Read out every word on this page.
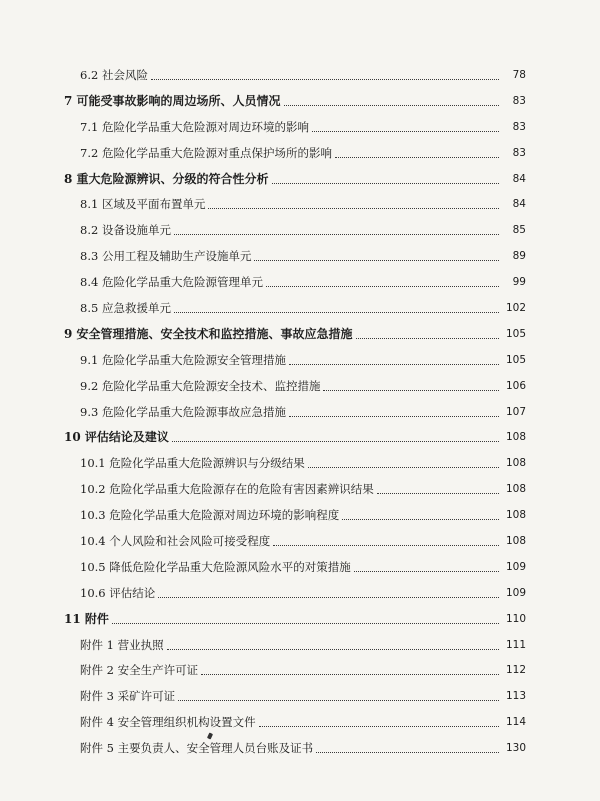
6.2 社会风险	78
7 可能受事故影响的周边场所、人员情况	83
7.1 危险化学品重大危险源对周边环境的影响	83
7.2 危险化学品重大危险源对重点保护场所的影响	83
8 重大危险源辨识、分级的符合性分析	84
8.1 区域及平面布置单元	84
8.2 设备设施单元	85
8.3 公用工程及辅助生产设施单元	89
8.4 危险化学品重大危险源管理单元	99
8.5 应急救援单元	102
9 安全管理措施、安全技术和监控措施、事故应急措施	105
9.1 危险化学品重大危险源安全管理措施	105
9.2 危险化学品重大危险源安全技术、监控措施	106
9.3 危险化学品重大危险源事故应急措施	107
10 评估结论及建议	108
10.1 危险化学品重大危险源辨识与分级结果	108
10.2 危险化学品重大危险源存在的危险有害因素辨识结果	108
10.3 危险化学品重大危险源对周边环境的影响程度	108
10.4 个人风险和社会风险可接受程度	108
10.5 降低危险化学品重大危险源风险水平的对策措施	109
10.6 评估结论	109
11 附件	110
附件 1 营业执照	111
附件 2 安全生产许可证	112
附件 3 采矿许可证	113
附件 4 安全管理组织机构设置文件	114
附件 5 主要负责人、安全管理人员台账及证书	130
